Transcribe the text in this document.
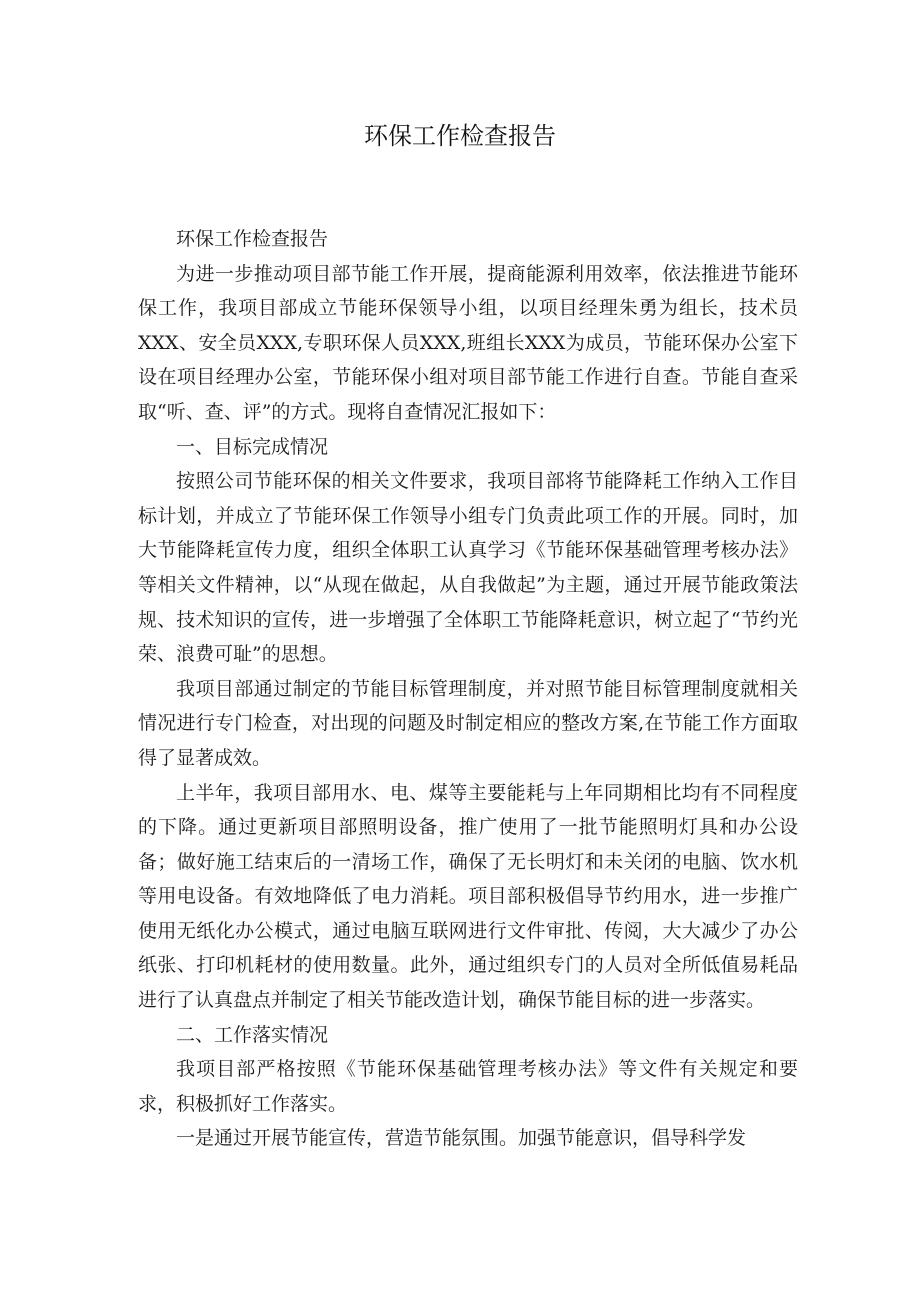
环保工作检查报告

环保工作检查报告

为进一步推动项目部节能工作开展，提商能源利用效率，依法推进节能环保工作，我项目部成立节能环保领导小组，以项目经理朱勇为组长，技术员XXX、安全员XXX,专职环保人员XXX,班组长XXX为成员，节能环保办公室下设在项目经理办公室，节能环保小组对项目部节能工作进行自查。节能自查采取“听、查、评”的方式。现将自查情况汇报如下：

一、目标完成情况

按照公司节能环保的相关文件要求，我项目部将节能降耗工作纳入工作目标计划，并成立了节能环保工作领导小组专门负责此项工作的开展。同时，加大节能降耗宣传力度，组织全体职工认真学习《节能环保基础管理考核办法》等相关文件精神，以“从现在做起，从自我做起”为主题，通过开展节能政策法规、技术知识的宣传，进一步增强了全体职工节能降耗意识，树立起了“节约光荣、浪费可耻”的思想。

我项目部通过制定的节能目标管理制度，并对照节能目标管理制度就相关情况进行专门检查，对出现的问题及时制定相应的整改方案,在节能工作方面取得了显著成效。

上半年，我项目部用水、电、煤等主要能耗与上年同期相比均有不同程度的下降。通过更新项目部照明设备，推广使用了一批节能照明灯具和办公设备；做好施工结束后的一清场工作，确保了无长明灯和未关闭的电脑、饮水机等用电设备。有效地降低了电力消耗。项目部积极倡导节约用水，进一步推广使用无纸化办公模式，通过电脑互联网进行文件审批、传阅，大大减少了办公纸张、打印机耗材的使用数量。此外，通过组织专门的人员对全所低值易耗品进行了认真盘点并制定了相关节能改造计划，确保节能目标的进一步落实。

二、工作落实情况

我项目部严格按照《节能环保基础管理考核办法》等文件有关规定和要求，积极抓好工作落实。

一是通过开展节能宣传，营造节能氛围。加强节能意识，倡导科学发
